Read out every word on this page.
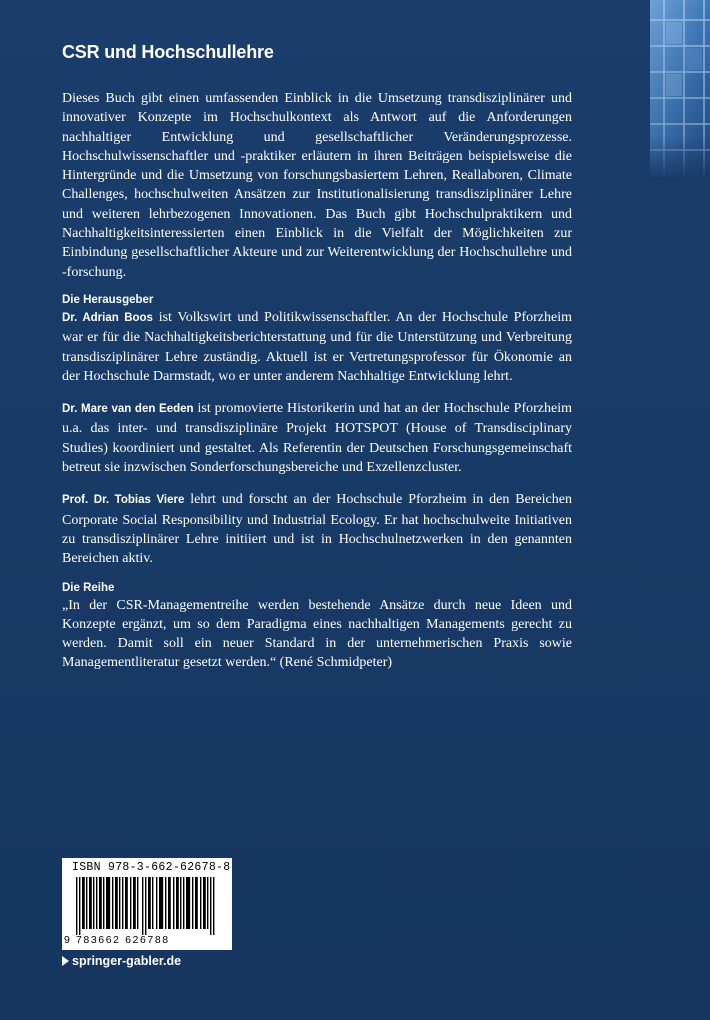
CSR und Hochschullehre

Dieses Buch gibt einen umfassenden Einblick in die Umsetzung transdisziplinärer und innovativer Konzepte im Hochschulkontext als Antwort auf die Anforderungen nachhaltiger Entwicklung und gesellschaftlicher Veränderungsprozesse. Hochschulwissenschaftler und -praktiker erläutern in ihren Beiträgen beispielsweise die Hintergründe und die Umsetzung von forschungsbasiertem Lehren, Reallaboren, Climate Challenges, hochschulweiten Ansätzen zur Institutionalisierung transdisziplinärer Lehre und weiteren lehrbezogenen Innovationen. Das Buch gibt Hochschulpraktikern und Nachhaltigkeitsinteressierten einen Einblick in die Vielfalt der Möglichkeiten zur Einbindung gesellschaftlicher Akteure und zur Weiterentwicklung der Hochschullehre und -forschung.

Die Herausgeber

Dr. Adrian Boos ist Volkswirt und Politikwissenschaftler. An der Hochschule Pforzheim war er für die Nachhaltigkeitsberichterstattung und für die Unterstützung und Verbreitung transdisziplinärer Lehre zuständig. Aktuell ist er Vertretungsprofessor für Ökonomie an der Hochschule Darmstadt, wo er unter anderem Nachhaltige Entwicklung lehrt.

Dr. Mare van den Eeden ist promovierte Historikerin und hat an der Hochschule Pforzheim u.a. das inter- und transdisziplinäre Projekt HOTSPOT (House of Transdisciplinary Studies) koordiniert und gestaltet. Als Referentin der Deutschen Forschungsgemeinschaft betreut sie inzwischen Sonderforschungsbereiche und Exzellenzcluster.

Prof. Dr. Tobias Viere lehrt und forscht an der Hochschule Pforzheim in den Bereichen Corporate Social Responsibility und Industrial Ecology. Er hat hochschulweite Initiativen zu transdisziplinärer Lehre initiiert und ist in Hochschulnetzwerken in den genannten Bereichen aktiv.

Die Reihe

„In der CSR-Managementreihe werden bestehende Ansätze durch neue Ideen und Konzepte ergänzt, um so dem Paradigma eines nachhaltigen Managements gerecht zu werden. Damit soll ein neuer Standard in der unternehmerischen Praxis sowie Managementliteratur gesetzt werden.“ (René Schmidpeter)

ISBN 978-3-662-62678-8
9 783662 626788
springer-gabler.de
